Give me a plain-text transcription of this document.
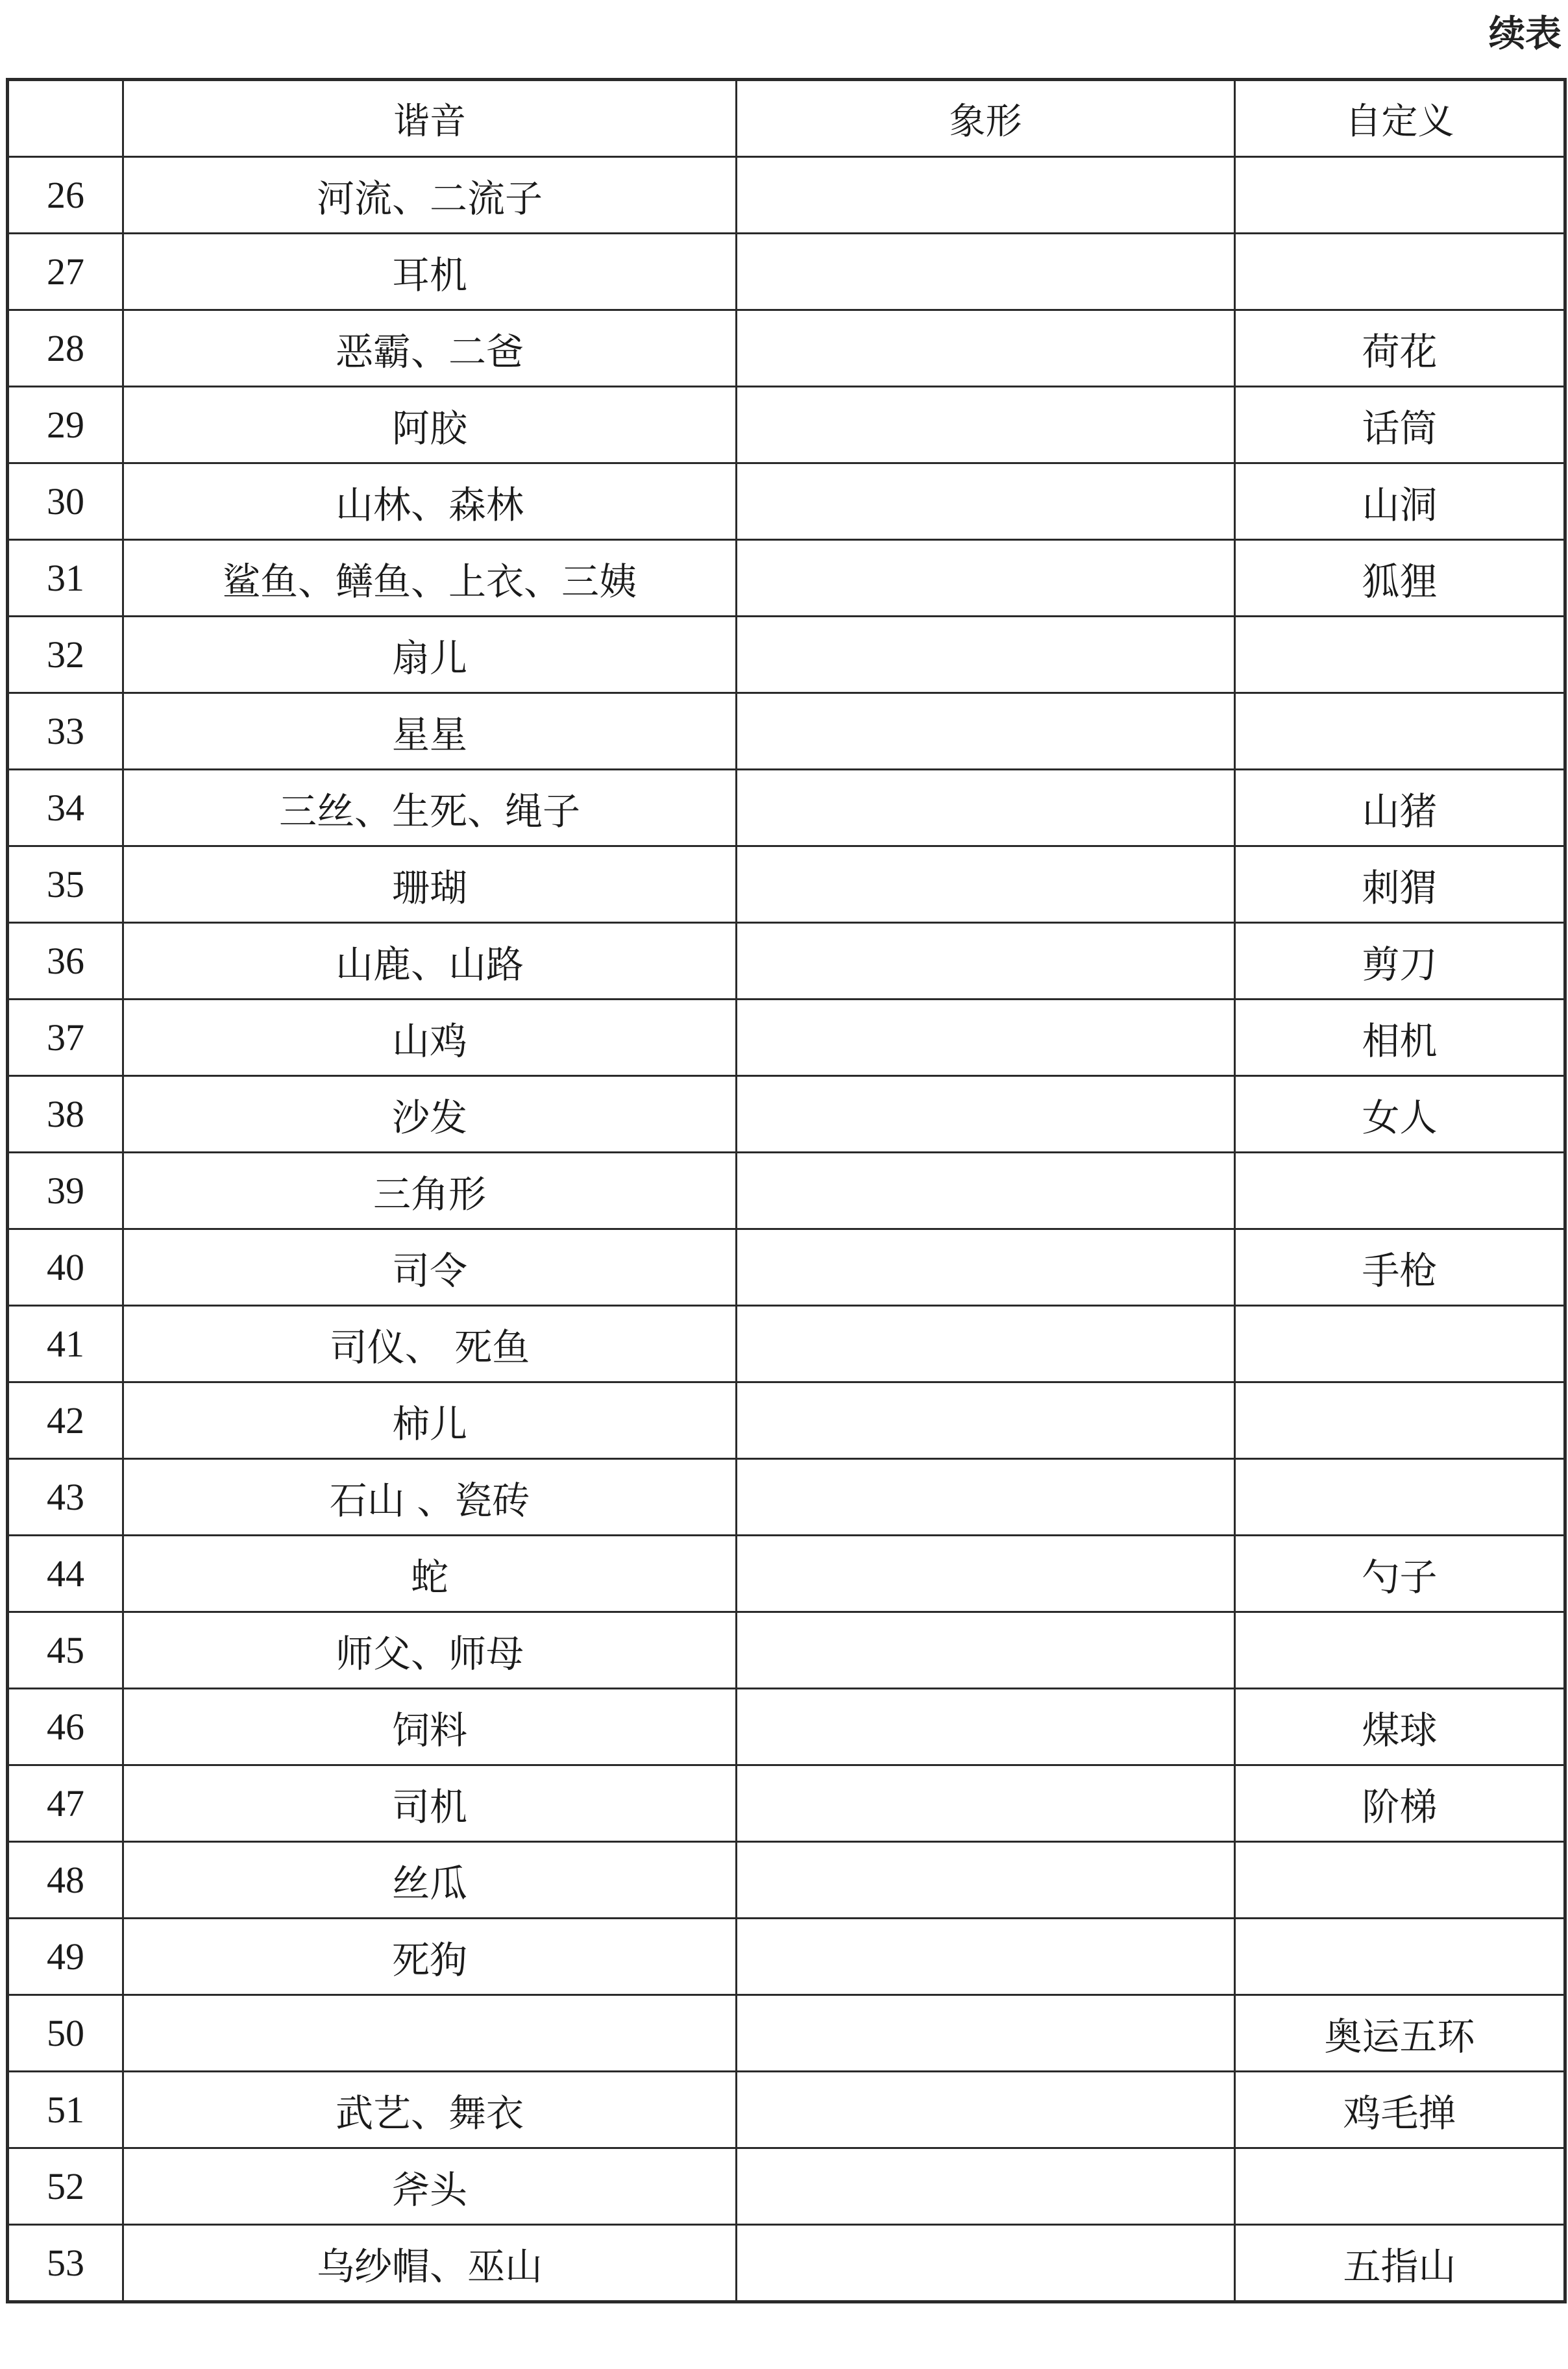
续表
	谐音	象形	自定义
26	河流、二流子		
27	耳机		
28	恶霸、二爸		荷花
29	阿胶		话筒
30	山林、森林		山洞
31	鲨鱼、鳝鱼、上衣、三姨		狐狸
32	扇儿		
33	星星		
34	三丝、生死、绳子		山猪
35	珊瑚		刺猬
36	山鹿、山路		剪刀
37	山鸡		相机
38	沙发		女人
39	三角形		
40	司令		手枪
41	司仪、 死鱼		
42	柿儿		
43	石山 、瓷砖		
44	蛇		勺子
45	师父、师母		
46	饲料		煤球
47	司机		阶梯
48	丝瓜		
49	死狗		
50			奥运五环
51	武艺、舞衣		鸡毛掸
52	斧头		
53	乌纱帽、巫山		五指山
